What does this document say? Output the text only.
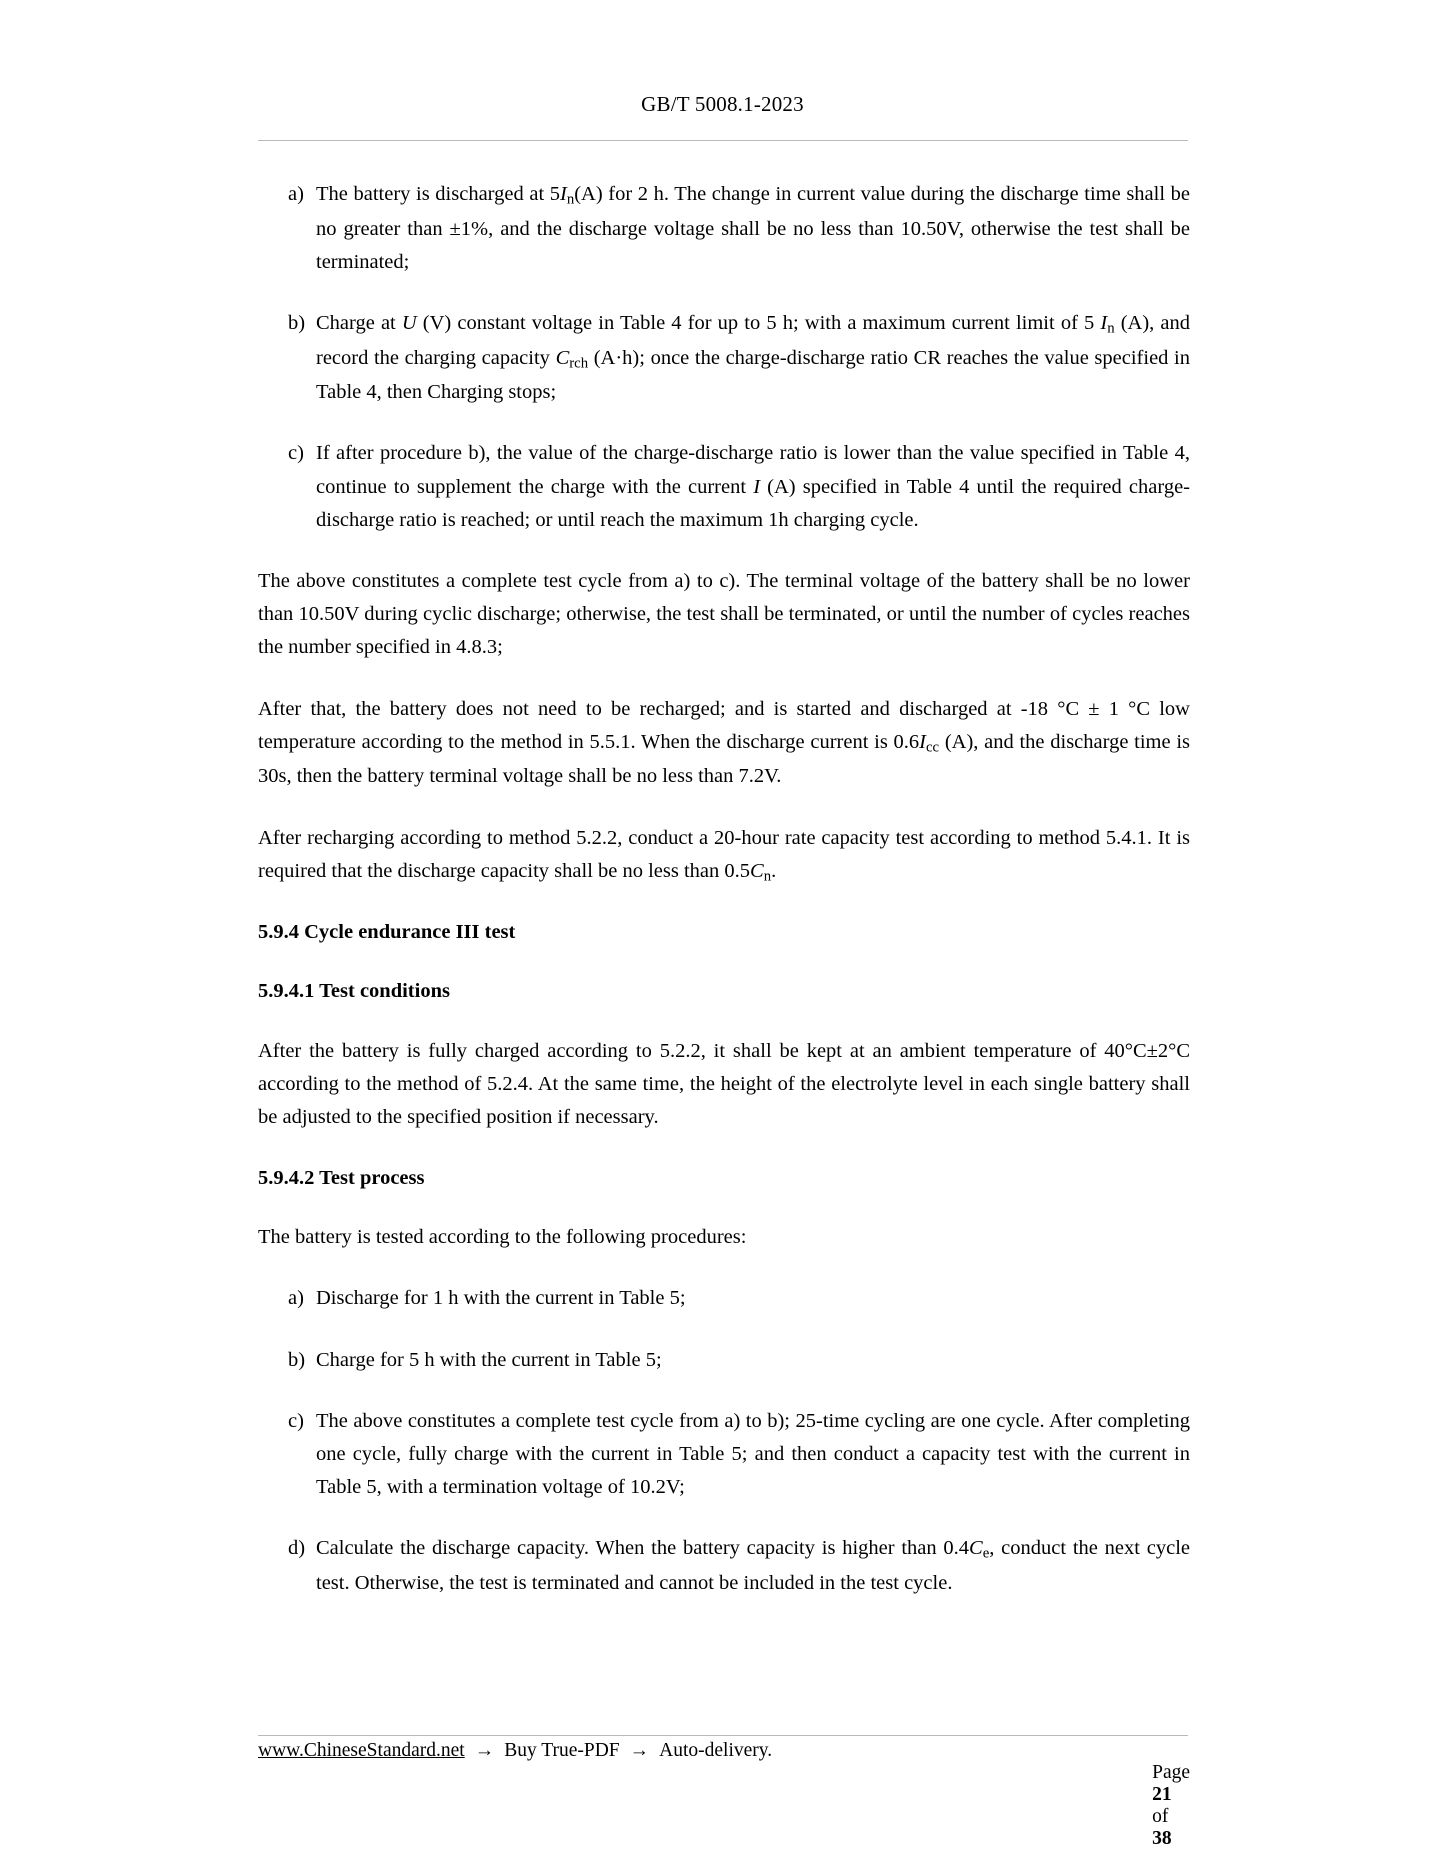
GB/T 5008.1-2023
a) The battery is discharged at $5I_n(A)$ for 2 h. The change in current value during the discharge time shall be no greater than ±1%, and the discharge voltage shall be no less than 10.50V, otherwise the test shall be terminated;
b) Charge at U (V) constant voltage in Table 4 for up to 5 h; with a maximum current limit of 5 $I_n$ (A), and record the charging capacity $C_{rch}$ (A·h); once the charge-discharge ratio CR reaches the value specified in Table 4, then Charging stops;
c) If after procedure b), the value of the charge-discharge ratio is lower than the value specified in Table 4, continue to supplement the charge with the current I (A) specified in Table 4 until the required charge-discharge ratio is reached; or until reach the maximum 1h charging cycle.

The above constitutes a complete test cycle from a) to c). The terminal voltage of the battery shall be no lower than 10.50V during cyclic discharge; otherwise, the test shall be terminated, or until the number of cycles reaches the number specified in 4.8.3;

After that, the battery does not need to be recharged; and is started and discharged at -18 °C ± 1 °C low temperature according to the method in 5.5.1. When the discharge current is $0.6I_{cc}$ (A), and the discharge time is 30s, then the battery terminal voltage shall be no less than 7.2V.

After recharging according to method 5.2.2, conduct a 20-hour rate capacity test according to method 5.4.1. It is required that the discharge capacity shall be no less than $0.5C_n$.

5.9.4 Cycle endurance III test
5.9.4.1 Test conditions

After the battery is fully charged according to 5.2.2, it shall be kept at an ambient temperature of 40°C±2°C according to the method of 5.2.4. At the same time, the height of the electrolyte level in each single battery shall be adjusted to the specified position if necessary.

5.9.4.2 Test process

The battery is tested according to the following procedures:

a) Discharge for 1 h with the current in Table 5;
b) Charge for 5 h with the current in Table 5;
c) The above constitutes a complete test cycle from a) to b); 25-time cycling are one cycle. After completing one cycle, fully charge with the current in Table 5; and then conduct a capacity test with the current in Table 5, with a termination voltage of 10.2V;
d) Calculate the discharge capacity. When the battery capacity is higher than $0.4C_e$, conduct the next cycle test. Otherwise, the test is terminated and cannot be included in the test cycle.
www.ChineseStandard.net → Buy True-PDF → Auto-delivery.

Page
21
of
38
